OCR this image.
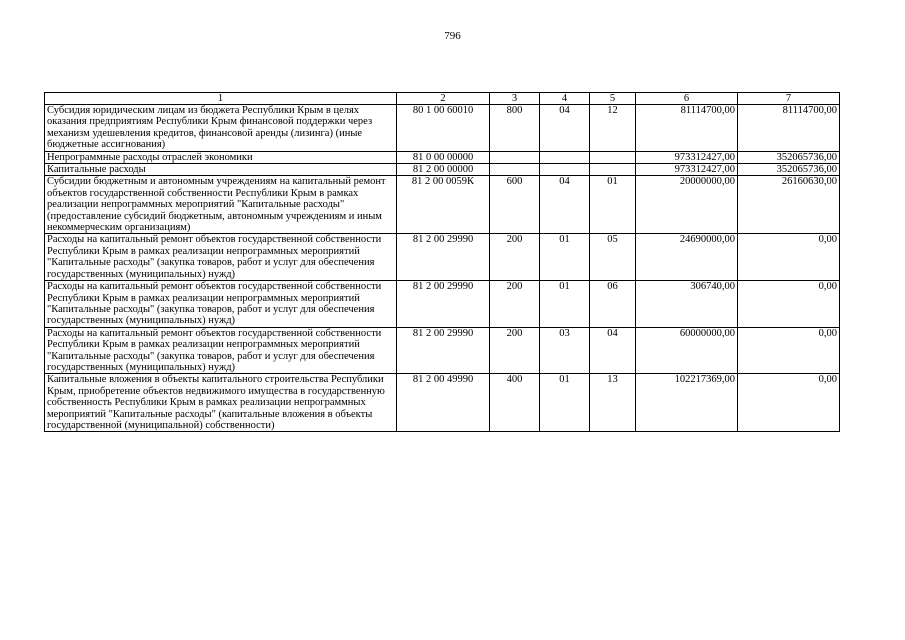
796
1	2	3	4	5	6	7
Субсидия юридическим лицам из бюджета Республики Крым в целях оказания предприятиям Республики Крым финансовой поддержки через механизм удешевления кредитов, финансовой аренды (лизинга) (иные бюджетные ассигнования)	80 1 00 60010	800	04	12	81114700,00	81114700,00
Непрограммные расходы отраслей экономики	81 0 00 00000				973312427,00	352065736,00
Капитальные расходы	81 2 00 00000				973312427,00	352065736,00
Субсидии бюджетным и автономным учреждениям на капитальный ремонт объектов государственной собственности Республики Крым в рамках реализации непрограммных мероприятий "Капитальные расходы" (предоставление субсидий бюджетным, автономным учреждениям и иным некоммерческим организациям)	81 2 00 0059К	600	04	01	20000000,00	26160630,00
Расходы на капитальный ремонт объектов государственной собственности Республики Крым в рамках реализации непрограммных мероприятий "Капитальные расходы" (закупка товаров, работ и услуг для обеспечения государственных (муниципальных) нужд)	81 2 00 29990	200	01	05	24690000,00	0,00
Расходы на капитальный ремонт объектов государственной собственности Республики Крым в рамках реализации непрограммных мероприятий "Капитальные расходы" (закупка товаров, работ и услуг для обеспечения государственных (муниципальных) нужд)	81 2 00 29990	200	01	06	306740,00	0,00
Расходы на капитальный ремонт объектов государственной собственности Республики Крым в рамках реализации непрограммных мероприятий "Капитальные расходы" (закупка товаров, работ и услуг для обеспечения государственных (муниципальных) нужд)	81 2 00 29990	200	03	04	60000000,00	0,00
Капитальные вложения в объекты капитального строительства Республики Крым, приобретение объектов недвижимого имущества в государственную собственность Республики Крым в рамках реализации непрограммных мероприятий "Капитальные расходы" (капитальные вложения в объекты государственной (муниципальной) собственности)	81 2 00 49990	400	01	13	102217369,00	0,00
